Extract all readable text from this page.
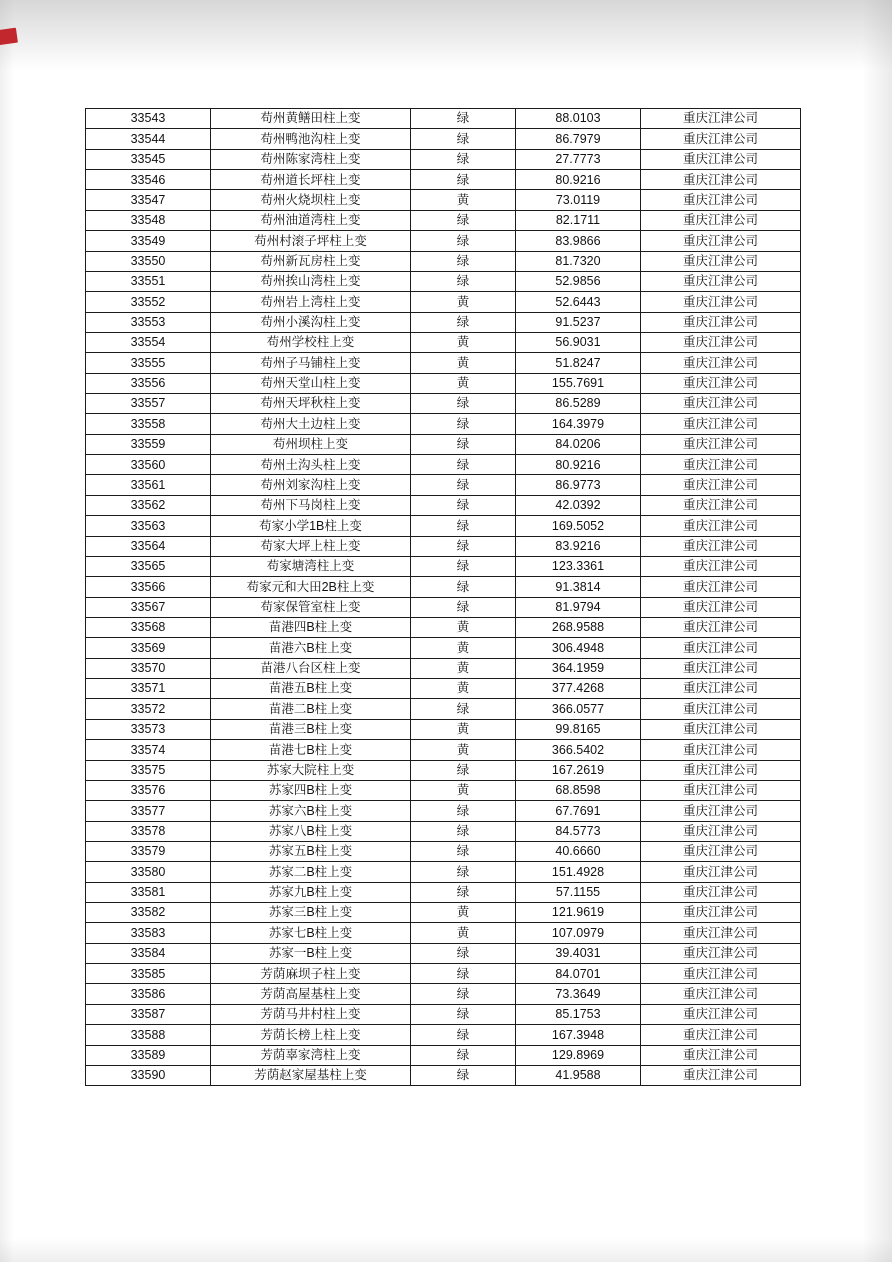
33543	苟州黄鳝田柱上变	绿	88.0103	重庆江津公司
33544	苟州鸭池沟柱上变	绿	86.7979	重庆江津公司
33545	苟州陈家湾柱上变	绿	27.7773	重庆江津公司
33546	苟州道长坪柱上变	绿	80.9216	重庆江津公司
33547	苟州火烧坝柱上变	黄	73.0119	重庆江津公司
33548	苟州油道湾柱上变	绿	82.1711	重庆江津公司
33549	苟州村滚子坪柱上变	绿	83.9866	重庆江津公司
33550	苟州新瓦房柱上变	绿	81.7320	重庆江津公司
33551	苟州挨山湾柱上变	绿	52.9856	重庆江津公司
33552	苟州岩上湾柱上变	黄	52.6443	重庆江津公司
33553	苟州小溪沟柱上变	绿	91.5237	重庆江津公司
33554	苟州学校柱上变	黄	56.9031	重庆江津公司
33555	苟州子马铺柱上变	黄	51.8247	重庆江津公司
33556	苟州天堂山柱上变	黄	155.7691	重庆江津公司
33557	苟州天坪秋柱上变	绿	86.5289	重庆江津公司
33558	苟州大土边柱上变	绿	164.3979	重庆江津公司
33559	苟州坝柱上变	绿	84.0206	重庆江津公司
33560	苟州土沟头柱上变	绿	80.9216	重庆江津公司
33561	苟州刘家沟柱上变	绿	86.9773	重庆江津公司
33562	苟州下马岗柱上变	绿	42.0392	重庆江津公司
33563	苟家小学1B柱上变	绿	169.5052	重庆江津公司
33564	苟家大坪上柱上变	绿	83.9216	重庆江津公司
33565	苟家塘湾柱上变	绿	123.3361	重庆江津公司
33566	苟家元和大田2B柱上变	绿	91.3814	重庆江津公司
33567	苟家保管室柱上变	绿	81.9794	重庆江津公司
33568	苗港四B柱上变	黄	268.9588	重庆江津公司
33569	苗港六B柱上变	黄	306.4948	重庆江津公司
33570	苗港八台区柱上变	黄	364.1959	重庆江津公司
33571	苗港五B柱上变	黄	377.4268	重庆江津公司
33572	苗港二B柱上变	绿	366.0577	重庆江津公司
33573	苗港三B柱上变	黄	99.8165	重庆江津公司
33574	苗港七B柱上变	黄	366.5402	重庆江津公司
33575	苏家大院柱上变	绿	167.2619	重庆江津公司
33576	苏家四B柱上变	黄	68.8598	重庆江津公司
33577	苏家六B柱上变	绿	67.7691	重庆江津公司
33578	苏家八B柱上变	绿	84.5773	重庆江津公司
33579	苏家五B柱上变	绿	40.6660	重庆江津公司
33580	苏家二B柱上变	绿	151.4928	重庆江津公司
33581	苏家九B柱上变	绿	57.1155	重庆江津公司
33582	苏家三B柱上变	黄	121.9619	重庆江津公司
33583	苏家七B柱上变	黄	107.0979	重庆江津公司
33584	苏家一B柱上变	绿	39.4031	重庆江津公司
33585	芳荫麻坝子柱上变	绿	84.0701	重庆江津公司
33586	芳荫高屋基柱上变	绿	73.3649	重庆江津公司
33587	芳荫马井村柱上变	绿	85.1753	重庆江津公司
33588	芳荫长榜上柱上变	绿	167.3948	重庆江津公司
33589	芳荫辜家湾柱上变	绿	129.8969	重庆江津公司
33590	芳荫赵家屋基柱上变	绿	41.9588	重庆江津公司
